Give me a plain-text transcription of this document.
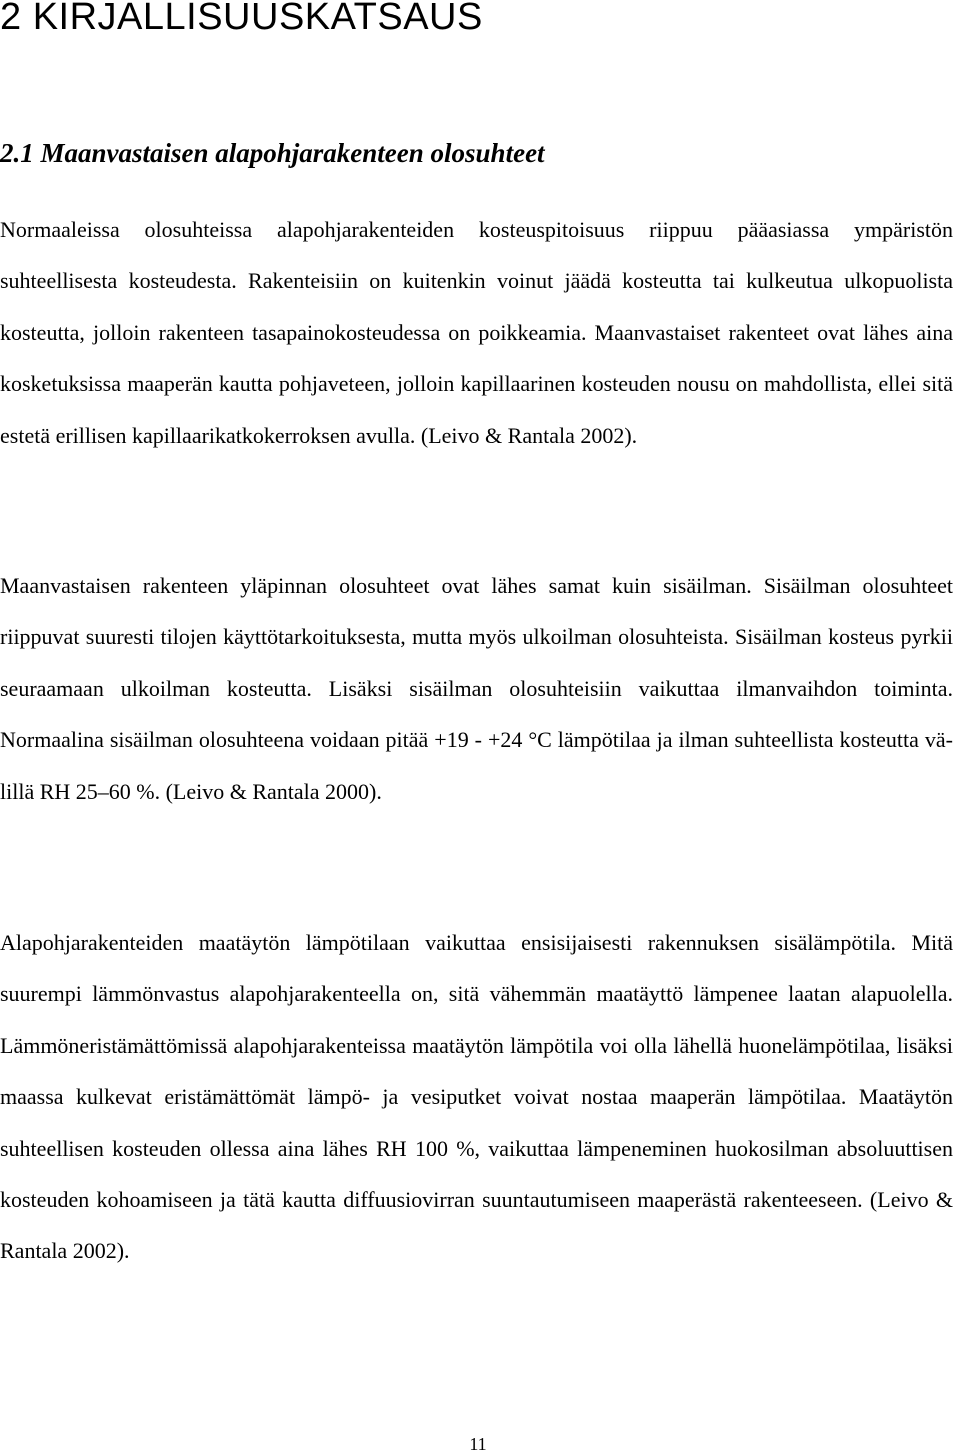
2 KIRJALLISUUSKATSAUS
2.1 Maanvastaisen alapohjarakenteen olosuhteet

Normaaleissa olosuhteissa alapohjarakenteiden kosteuspitoisuus riippuu pääasiassa ympäristön suhteellisesta kosteudesta. Rakenteisiin on kuitenkin voinut jäädä kosteutta tai kulkeutua ulkopuolista kosteutta, jolloin rakenteen tasapainokosteudessa on poikkeamia. Maanvastaiset rakenteet ovat lähes aina kosketuksissa maaperän kautta pohjaveteen, jolloin kapillaarinen kosteuden nousu on mahdollista, ellei sitä estetä erillisen kapillaarikatkokerroksen avulla. (Leivo & Rantala 2002).

Maanvastaisen rakenteen yläpinnan olosuhteet ovat lähes samat kuin sisäilman. Sisäilman olosuhteet riippuvat suuresti tilojen käyttötarkoituksesta, mutta myös ulkoilman olosuhteista. Sisäilman kosteus pyrkii seuraamaan ulkoilman kosteutta. Lisäksi sisäilman olosuhteisiin vaikuttaa ilmanvaihdon toiminta. Normaalina sisäilman olosuhteena voidaan pitää +19 - +24 °C lämpötilaa ja ilman suhteellista kosteutta välillä RH 25–60 %. (Leivo & Rantala 2000).

Alapohjarakenteiden maatäytön lämpötilaan vaikuttaa ensisijaisesti rakennuksen sisälämpötila. Mitä suurempi lämmönvastus alapohjarakenteella on, sitä vähemmän maatäyttö lämpenee laatan alapuolella. Lämmöneristämättömissä alapohjarakenteissa maatäytön lämpötila voi olla lähellä huonelämpötilaa, lisäksi maassa kulkevat eristämättömät lämpö- ja vesiputket voivat nostaa maaperän lämpötilaa. Maatäytön suhteellisen kosteuden ollessa aina lähes RH 100 %, vaikuttaa lämpeneminen huokosilman absoluuttisen kosteuden kohoamiseen ja tätä kautta diffuusiovirran suuntautumiseen maaperästä rakenteeseen. (Leivo & Rantala 2002).

11
